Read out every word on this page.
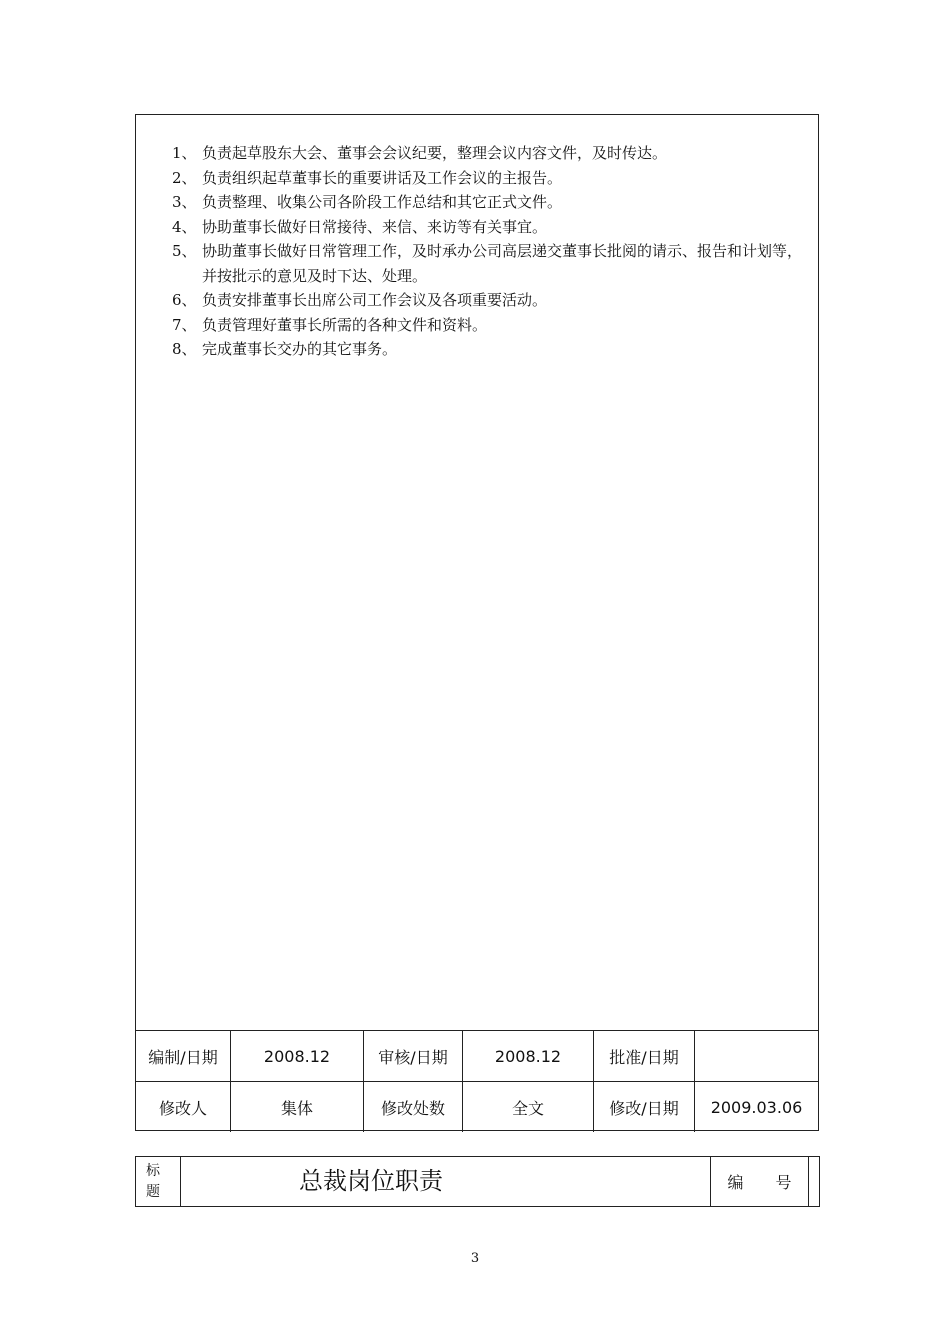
1、 负责起草股东大会、董事会会议纪要，整理会议内容文件，及时传达。
2、 负责组织起草董事长的重要讲话及工作会议的主报告。
3、 负责整理、收集公司各阶段工作总结和其它正式文件。
4、 协助董事长做好日常接待、来信、来访等有关事宜。
5、 协助董事长做好日常管理工作，及时承办公司高层递交董事长批阅的请示、报告和计划等，并按批示的意见及时下达、处理。
6、 负责安排董事长出席公司工作会议及各项重要活动。
7、 负责管理好董事长所需的各种文件和资料。
8、 完成董事长交办的其它事务。
编制/日期	2008.12	审核/日期	2008.12	批准/日期	
修改人	集体	修改处数	全文	修改/日期	2009.03.06
标
题	总裁岗位职责	编　　号	
3
